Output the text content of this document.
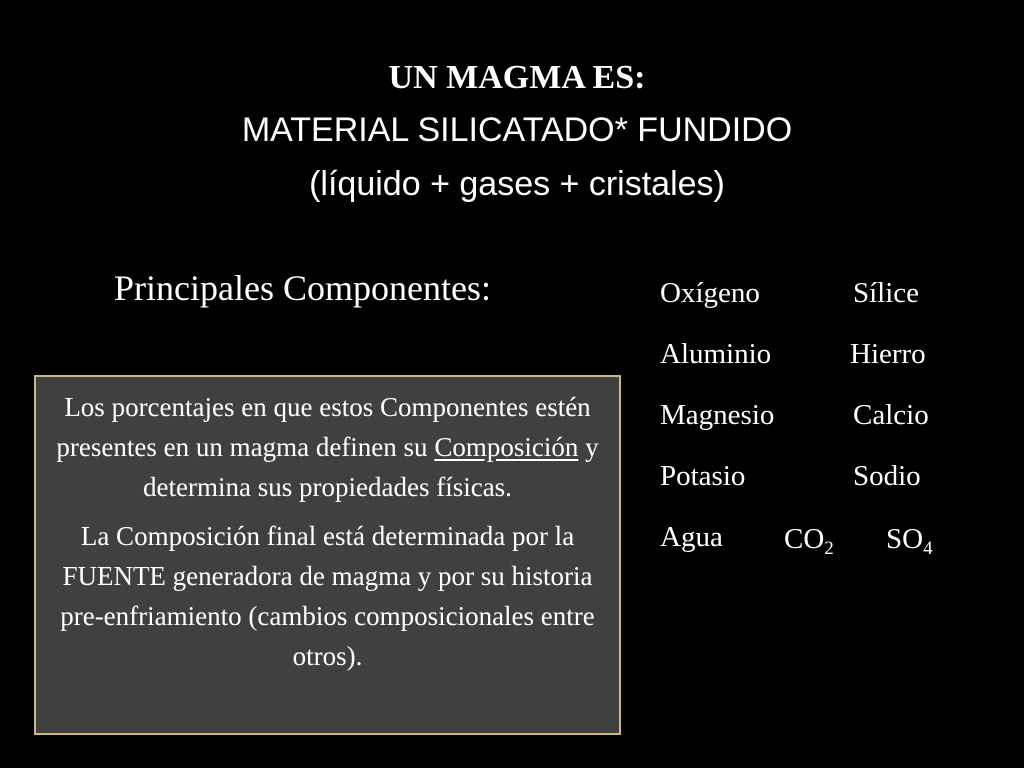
UN MAGMA ES:
MATERIAL SILICATADO* FUNDIDO
(líquido + gases + cristales)
Principales Componentes:	Oxígeno	Sílice
Aluminio	Hierro
Magnesio	Calcio
Potasio	Sodio
Agua $CO_2$ $SO_4$

Los porcentajes en que estos Componentes estén presentes en un magma definen su Composición y determina sus propiedades físicas.

La Composición final está determinada por la FUENTE generadora de magma y por su historia pre-enfriamiento (cambios composicionales entre otros).
